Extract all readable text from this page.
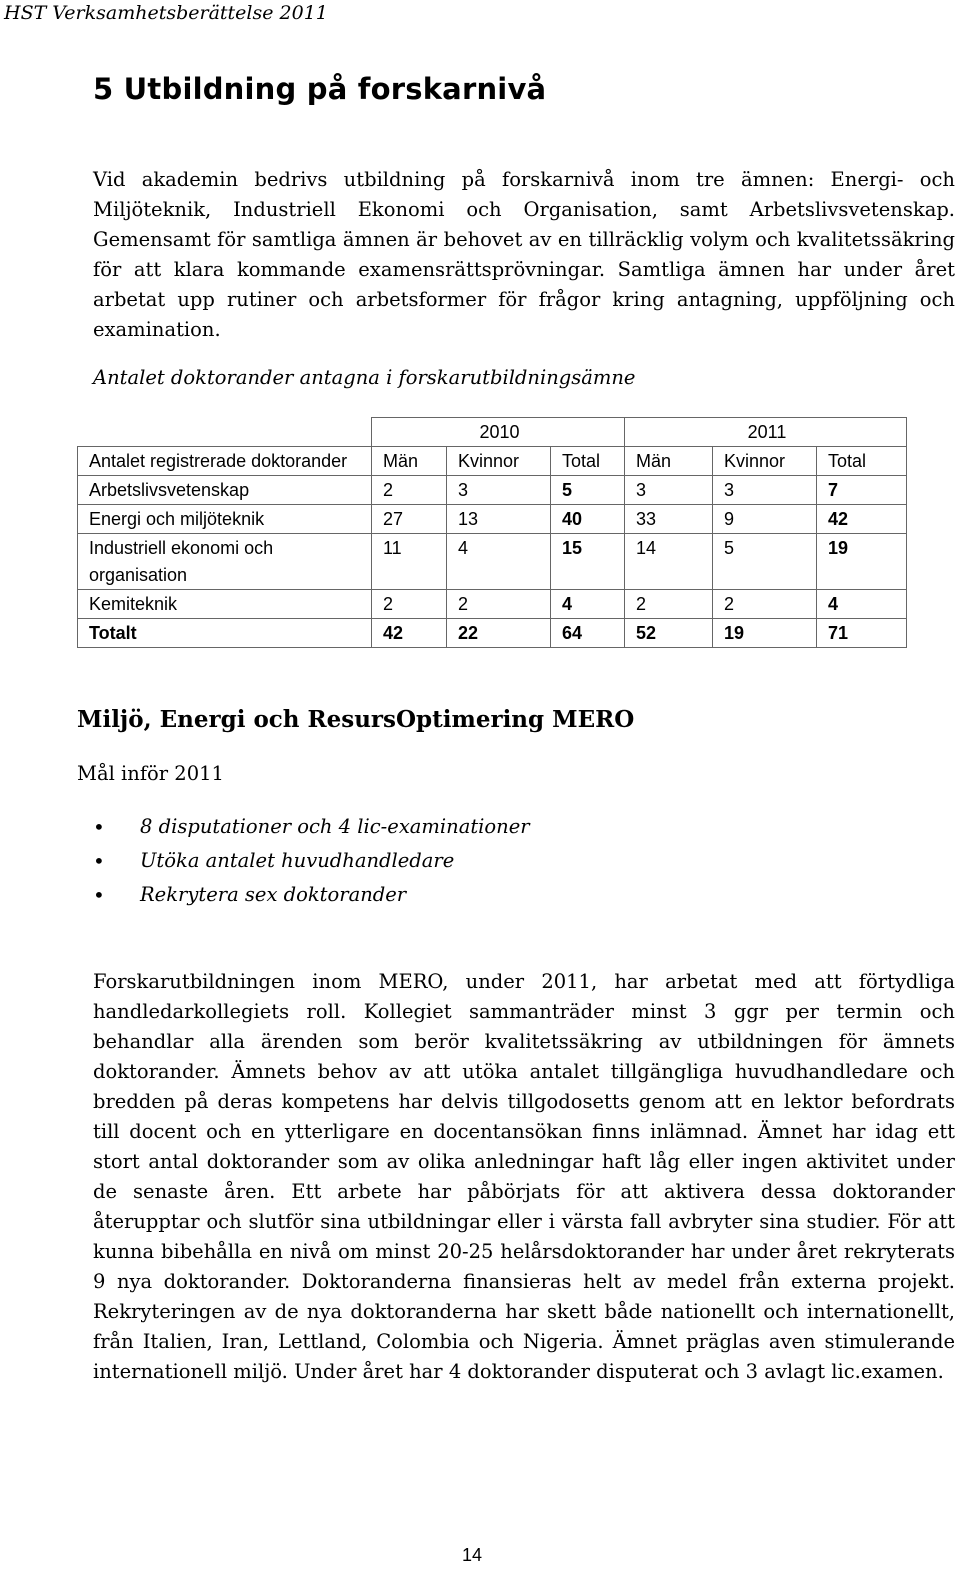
HST Verksamhetsberättelse 2011
5 Utbildning på forskarnivå

Vid akademin bedrivs utbildning på forskarnivå inom tre ämnen: Energi- och Miljöteknik, Industriell Ekonomi och Organisation, samt Arbetslivsvetenskap. Gemensamt för samtliga ämnen är behovet av en tillräcklig volym och kvalitetssäkring för att klara kommande examensrättsprövningar. Samtliga ämnen har under året arbetat upp rutiner och arbetsformer för frågor kring antagning, uppföljning och examination.

Antalet doktorander antagna i forskarutbildningsämne

	2010			2011		
Antalet registrerade doktorander	Män	Kvinnor	Total	Män	Kvinnor	Total
Arbetslivsvetenskap	2	3	5	3	3	7
Energi och miljöteknik	27	13	40	33	9	42
Industriell ekonomi och organisation	11	4	15	14	5	19
Kemiteknik	2	2	4	2	2	4
Totalt	42	22	64	52	19	71
Miljö, Energi och ResursOptimering MERO

Mål inför 2011

• 8 disputationer och 4 lic-examinationer
• Utöka antalet huvudhandledare
• Rekrytera sex doktorander

Forskarutbildningen inom MERO, under 2011, har arbetat med att förtydliga handledarkollegiets roll. Kollegiet sammanträder minst 3 ggr per termin och behandlar alla ärenden som berör kvalitetssäkring av utbildningen för ämnets doktorander. Ämnets behov av att utöka antalet tillgängliga huvudhandledare och bredden på deras kompetens har delvis tillgodosetts genom att en lektor befordrats till docent och en ytterligare en docentansökan finns inlämnad. Ämnet har idag ett stort antal doktorander som av olika anledningar haft låg eller ingen aktivitet under de senaste åren. Ett arbete har påbörjats för att aktivera dessa doktorander återupptar och slutför sina utbildningar eller i värsta fall avbryter sina studier. För att kunna bibehålla en nivå om minst 20-25 helårsdoktorander har under året rekryterats 9 nya doktorander. Doktoranderna finansieras helt av medel från externa projekt. Rekryteringen av de nya doktoranderna har skett både nationellt och internationellt, från Italien, Iran, Lettland, Colombia och Nigeria. Ämnet präglas aven stimulerande internationell miljö. Under året har 4 doktorander disputerat och 3 avlagt lic.examen.

14
